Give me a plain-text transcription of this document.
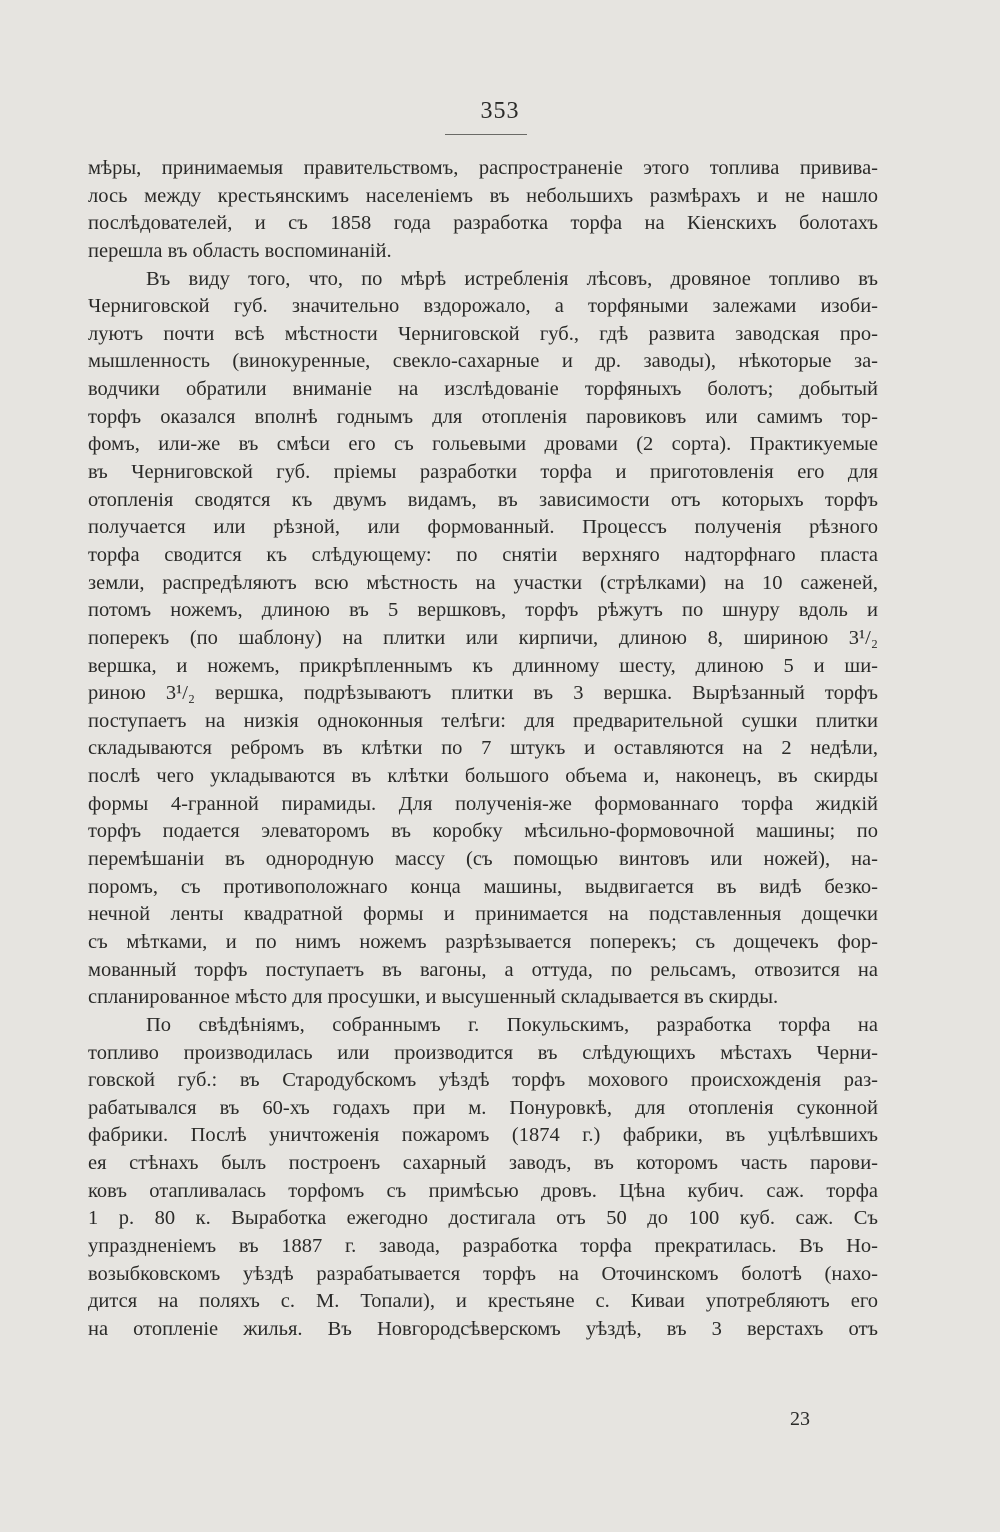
353
мѣры, принимаемыя правительствомъ, распространеніе этого топлива привива-
лось между крестьянскимъ населеніемъ въ небольшихъ размѣрахъ и не нашло
послѣдователей, и съ 1858 года разработка торфа на Кіенскихъ болотахъ
перешла въ область воспоминаній.
Въ виду того, что, по мѣрѣ истребленія лѣсовъ, дровяное топливо въ
Черниговской губ. значительно вздорожало, а торфяными залежами изоби-
луютъ почти всѣ мѣстности Черниговской губ., гдѣ развита заводская про-
мышленность (винокуренные, свекло-сахарные и др. заводы), нѣкоторые за-
водчики обратили вниманіе на изслѣдованіе торфяныхъ болотъ; добытый
торфъ оказался вполнѣ годнымъ для отопленія паровиковъ или самимъ тор-
фомъ, или-же въ смѣси его съ гольевыми дровами (2 сорта). Практикуемые
въ Черниговской губ. пріемы разработки торфа и приготовленія его для
отопленія сводятся къ двумъ видамъ, въ зависимости отъ которыхъ торфъ
получается или рѣзной, или формованный. Процессъ полученія рѣзного
торфа сводится къ слѣдующему: по снятіи верхняго надторфнаго пласта
земли, распредѣляютъ всю мѣстность на участки (стрѣлками) на 10 саженей,
потомъ ножемъ, длиною въ 5 вершковъ, торфъ рѣжутъ по шнуру вдоль и
поперекъ (по шаблону) на плитки или кирпичи, длиною 8, шириною 3¹/₂
вершка, и ножемъ, прикрѣпленнымъ къ длинному шесту, длиною 5 и ши-
риною 3¹/₂ вершка, подрѣзываютъ плитки въ 3 вершка. Вырѣзанный торфъ
поступаетъ на низкія одноконныя телѣги: для предварительной сушки плитки
складываются ребромъ въ клѣтки по 7 штукъ и оставляются на 2 недѣли,
послѣ чего укладываются въ клѣтки большого объема и, наконецъ, въ скирды
формы 4-гранной пирамиды. Для полученія-же формованнаго торфа жидкій
торфъ подается элеваторомъ въ коробку мѣсильно-формовочной машины; по
перемѣшаніи въ однородную массу (съ помощью винтовъ или ножей), на-
поромъ, съ противоположнаго конца машины, выдвигается въ видѣ безко-
нечной ленты квадратной формы и принимается на подставленныя дощечки
съ мѣтками, и по нимъ ножемъ разрѣзывается поперекъ; съ дощечекъ фор-
мованный торфъ поступаетъ въ вагоны, а оттуда, по рельсамъ, отвозится на
спланированное мѣсто для просушки, и высушенный складывается въ скирды.
По свѣдѣніямъ, собраннымъ г. Покульскимъ, разработка торфа на
топливо производилась или производится въ слѣдующихъ мѣстахъ Черни-
говской губ.: въ Стародубскомъ уѣздѣ торфъ мохового происхожденія раз-
рабатывался въ 60-хъ годахъ при м. Понуровкѣ, для отопленія суконной
фабрики. Послѣ уничтоженія пожаромъ (1874 г.) фабрики, въ уцѣлѣвшихъ
ея стѣнахъ былъ построенъ сахарный заводъ, въ которомъ часть парови-
ковъ отапливалась торфомъ съ примѣсью дровъ. Цѣна кубич. саж. торфа
1 р. 80 к. Выработка ежегодно достигала отъ 50 до 100 куб. саж. Съ
упраздненіемъ въ 1887 г. завода, разработка торфа прекратилась. Въ Но-
возыбковскомъ уѣздѣ разрабатывается торфъ на Оточинскомъ болотѣ (нахо-
дится на поляхъ с. М. Топали), и крестьяне с. Киваи употребляютъ его
на отопленіе жилья. Въ Новгородсѣверскомъ уѣздѣ, въ 3 верстахъ отъ
23
